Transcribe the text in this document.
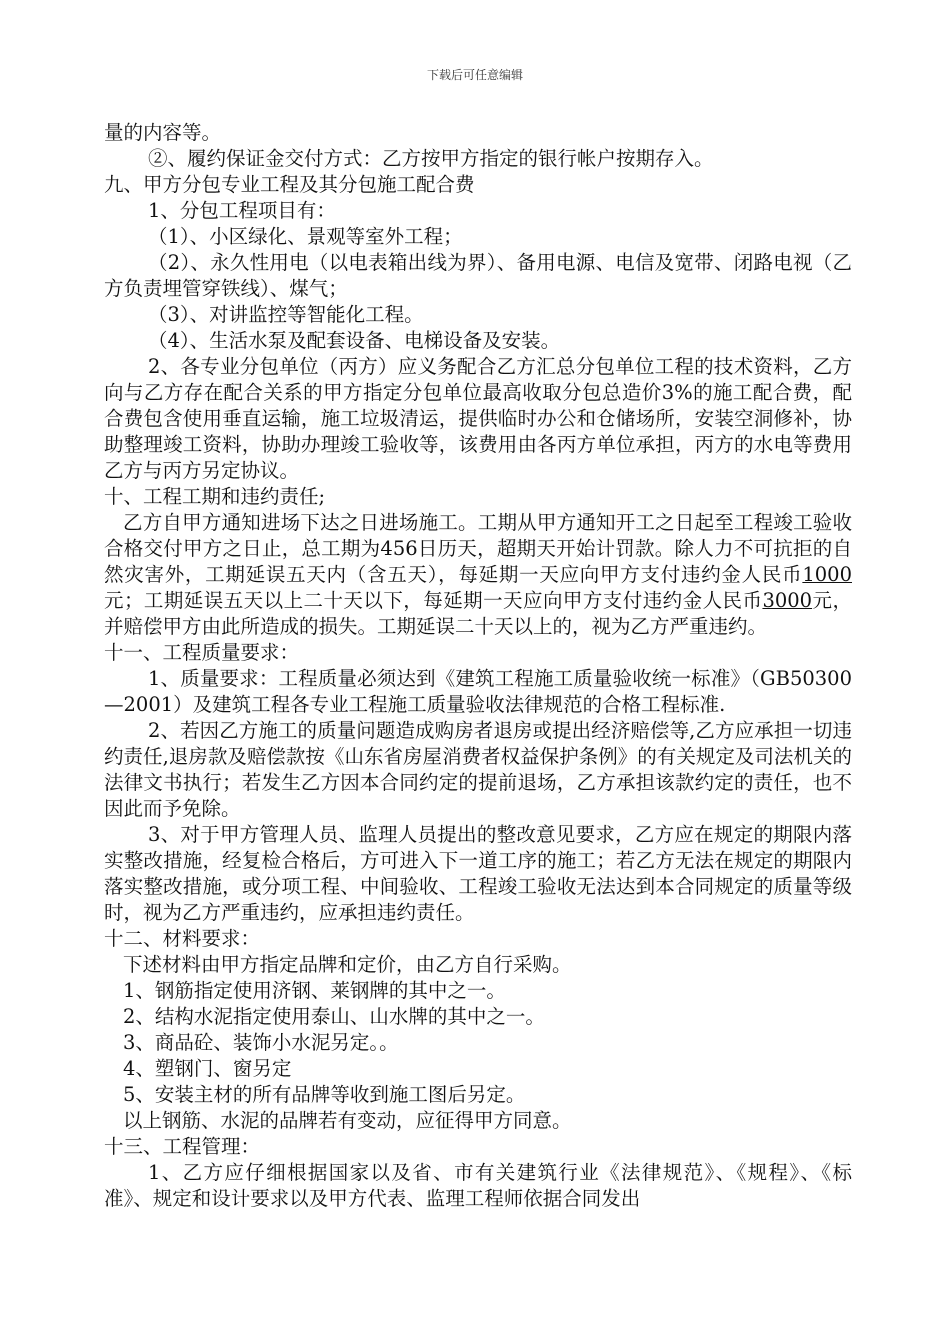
下载后可任意编辑

量的内容等。

②、履约保证金交付方式：乙方按甲方指定的银行帐户按期存入。

九、甲方分包专业工程及其分包施工配合费

1、分包工程项目有：

（1）、小区绿化、景观等室外工程；

（2）、永久性用电（以电表箱出线为界）、备用电源、电信及宽带、闭路电视（乙方负责埋管穿铁线）、煤气；

（3）、对讲监控等智能化工程。

（4）、生活水泵及配套设备、电梯设备及安装。

2、各专业分包单位（丙方）应义务配合乙方汇总分包单位工程的技术资料，乙方向与乙方存在配合关系的甲方指定分包单位最高收取分包总造价3%的施工配合费，配合费包含使用垂直运输，施工垃圾清运，提供临时办公和仓储场所，安装空洞修补，协助整理竣工资料，协助办理竣工验收等，该费用由各丙方单位承担，丙方的水电等费用乙方与丙方另定协议。

十、工程工期和违约责任;

乙方自甲方通知进场下达之日进场施工。工期从甲方通知开工之日起至工程竣工验收合格交付甲方之日止，总工期为456日历天，超期天开始计罚款。除人力不可抗拒的自然灾害外，工期延误五天内（含五天），每延期一天应向甲方支付违约金人民币1000元；工期延误五天以上二十天以下，每延期一天应向甲方支付违约金人民币3000元，并赔偿甲方由此所造成的损失。工期延误二十天以上的，视为乙方严重违约。

十一、工程质量要求：

1、质量要求：工程质量必须达到《建筑工程施工质量验收统一标准》（GB50300—2001）及建筑工程各专业工程施工质量验收法律规范的合格工程标准.

2、若因乙方施工的质量问题造成购房者退房或提出经济赔偿等,乙方应承担一切违约责任,退房款及赔偿款按《山东省房屋消费者权益保护条例》的有关规定及司法机关的法律文书执行；若发生乙方因本合同约定的提前退场，乙方承担该款约定的责任，也不因此而予免除。

3、对于甲方管理人员、监理人员提出的整改意见要求，乙方应在规定的期限内落实整改措施，经复检合格后，方可进入下一道工序的施工；若乙方无法在规定的期限内落实整改措施，或分项工程、中间验收、工程竣工验收无法达到本合同规定的质量等级时，视为乙方严重违约，应承担违约责任。

十二、材料要求：

下述材料由甲方指定品牌和定价，由乙方自行采购。

1、钢筋指定使用济钢、莱钢牌的其中之一。

2、结构水泥指定使用泰山、山水牌的其中之一。

3、商品砼、装饰小水泥另定。。

4、塑钢门、窗另定

5、安装主材的所有品牌等收到施工图后另定。

以上钢筋、水泥的品牌若有变动，应征得甲方同意。

十三、工程管理：

1、乙方应仔细根据国家以及省、市有关建筑行业《法律规范》、《规程》、《标准》、规定和设计要求以及甲方代表、监理工程师依据合同发出
